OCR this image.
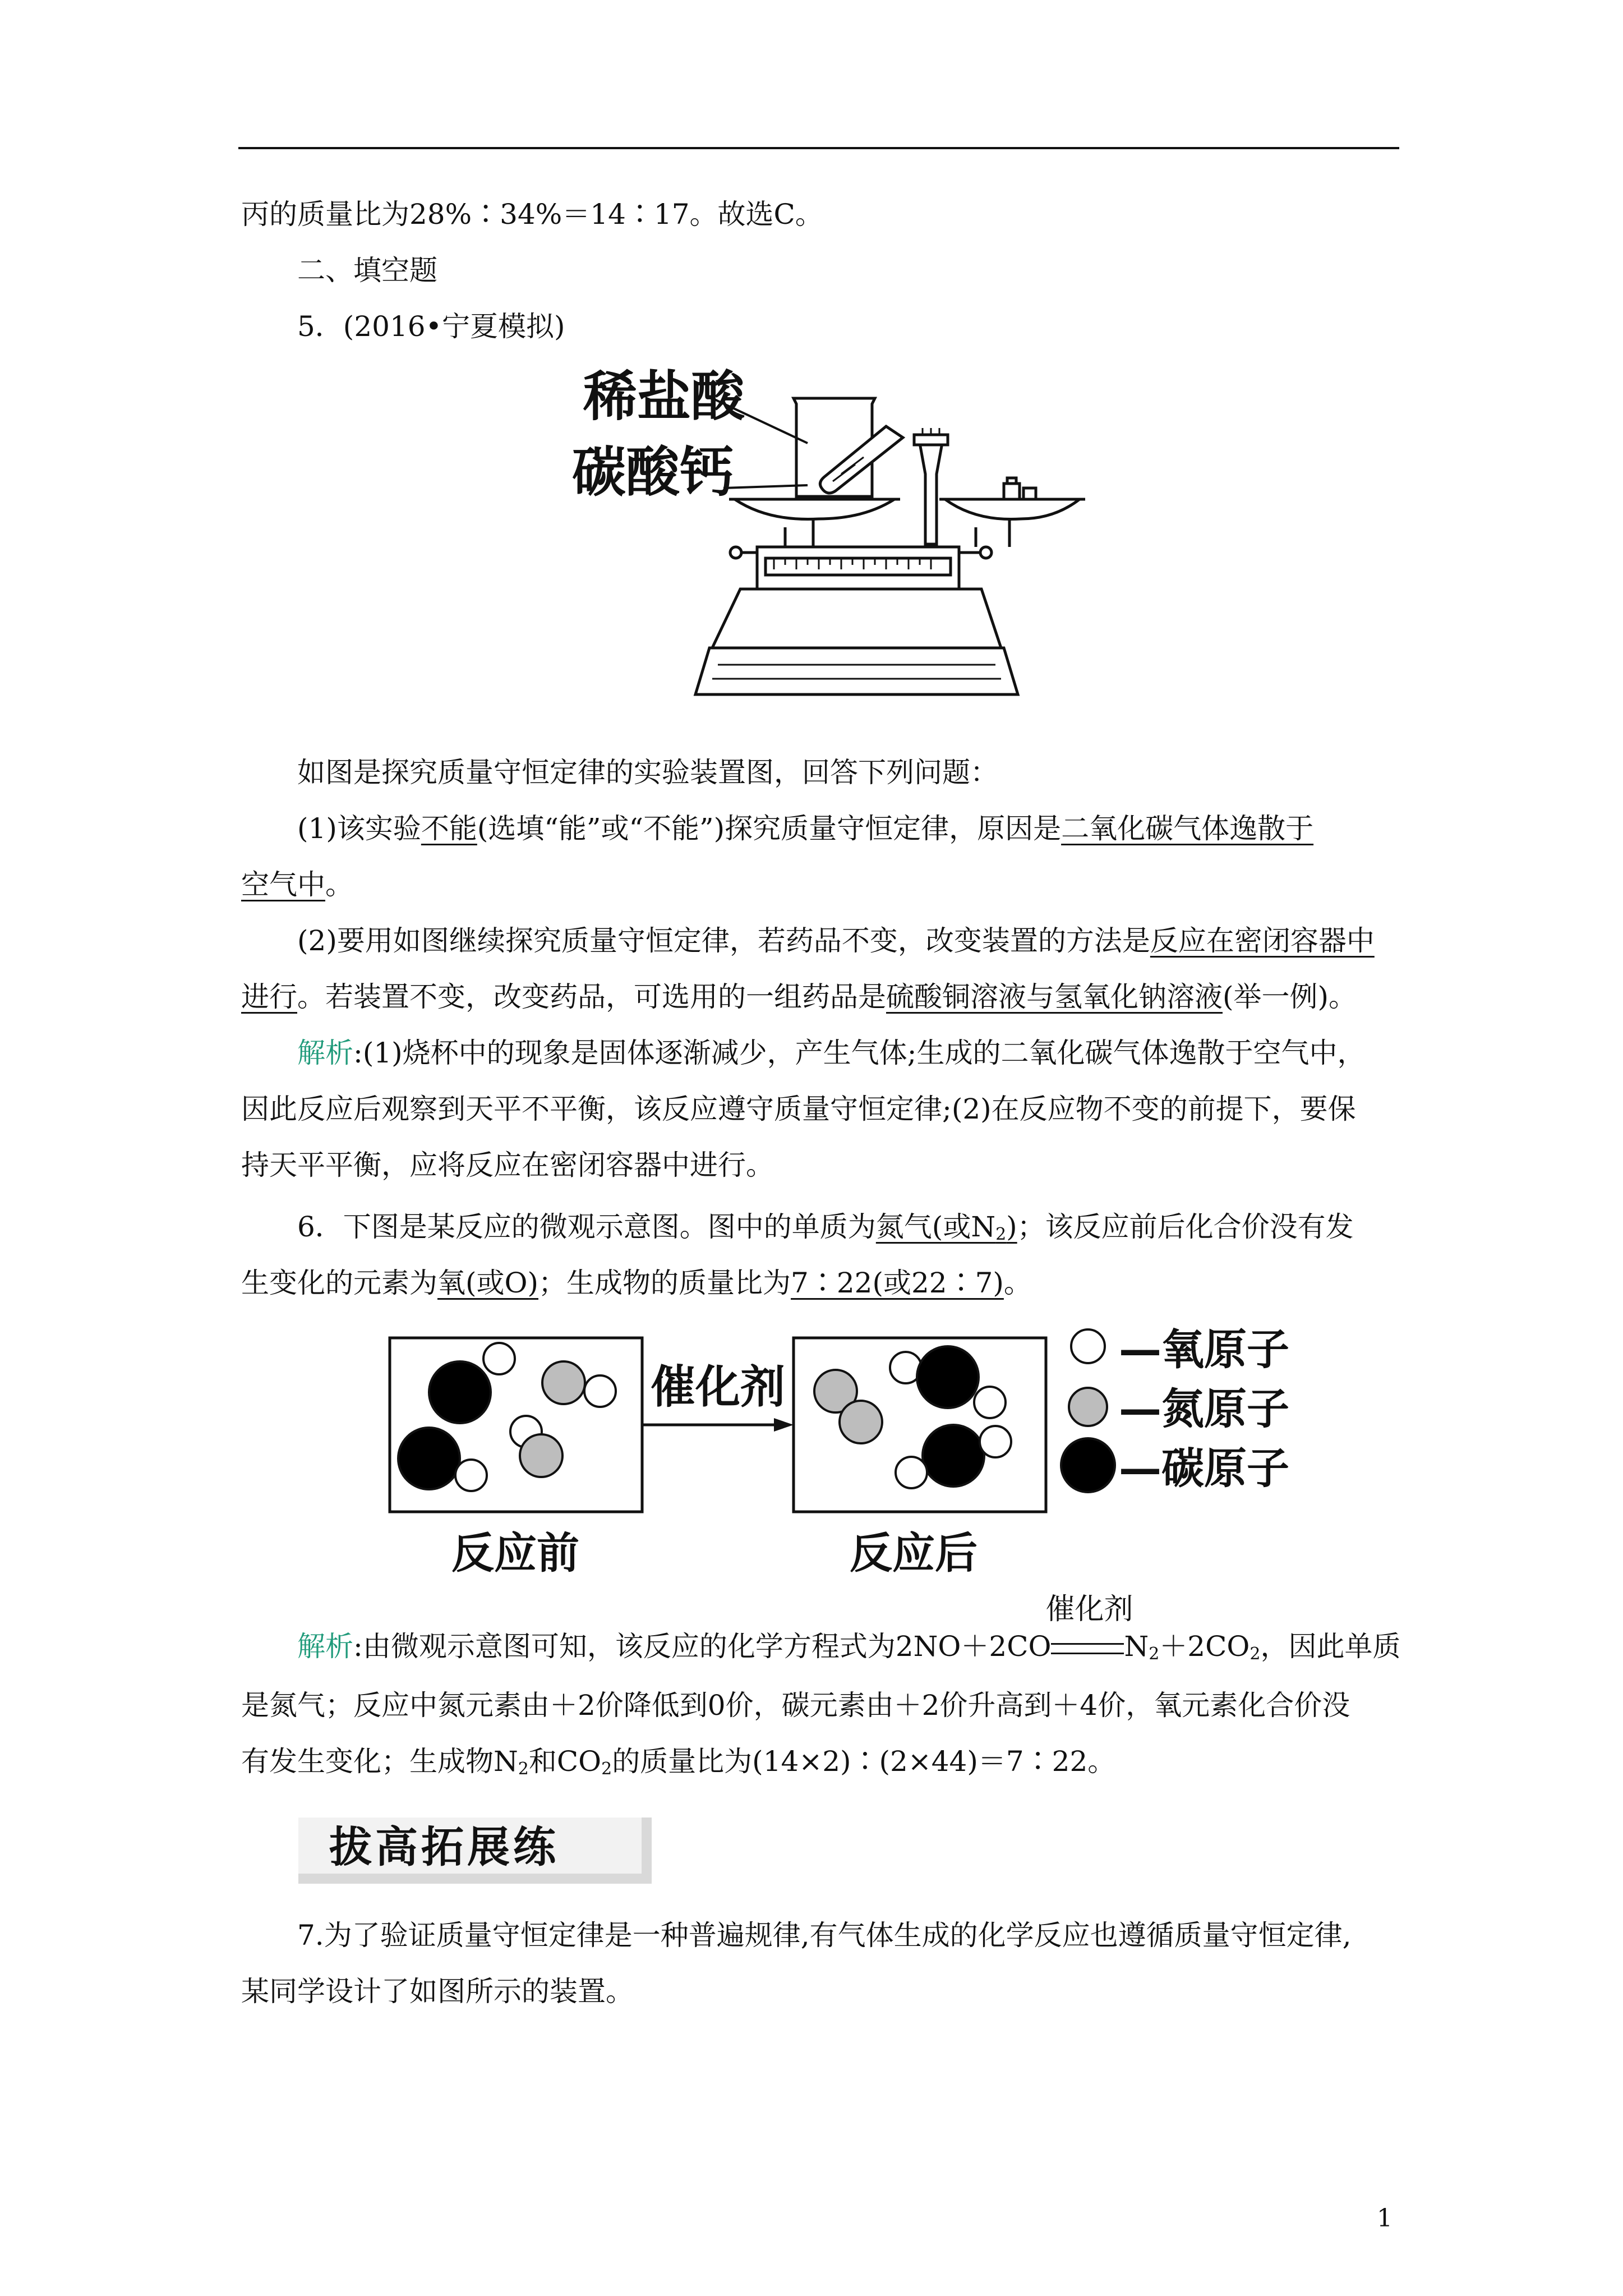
丙的质量比为28%∶34%＝14∶17。故选C。
二、填空题
5．(2016•宁夏模拟)
稀盐酸
碳酸钙
如图是探究质量守恒定律的实验装置图，回答下列问题：
(1)该实验不能(选填“能”或“不能”)探究质量守恒定律，原因是二氧化碳气体逸散于
空气中。
(2)要用如图继续探究质量守恒定律，若药品不变，改变装置的方法是反应在密闭容器中
进行。若装置不变，改变药品，可选用的一组药品是硫酸铜溶液与氢氧化钠溶液(举一例)。
解析:(1)烧杯中的现象是固体逐渐减少，产生气体;生成的二氧化碳气体逸散于空气中，
因此反应后观察到天平不平衡，该反应遵守质量守恒定律;(2)在反应物不变的前提下，要保
持天平平衡，应将反应在密闭容器中进行。
6．下图是某反应的微观示意图。图中的单质为氮气(或$N_2$)；该反应前后化合价没有发
生变化的元素为氧(或O)；生成物的质量比为7∶22(或22∶7)。
催化剂
反应前	反应后
—氧原子
—氮原子
—碳原子
解析:由微观示意图可知，该反应的化学方程式为2NO＋2CO
催化剂
$N_2+2CO_2$，因此单质
是氮气；反应中氮元素由＋2价降低到0价，碳元素由＋2价升高到＋4价，氧元素化合价没
有发生变化；生成物$N_2$和$CO_2$的质量比为(14×2)∶(2×44)＝7∶22。
拔高拓展练
7.为了验证质量守恒定律是一种普遍规律,有气体生成的化学反应也遵循质量守恒定律,
某同学设计了如图所示的装置。
1
